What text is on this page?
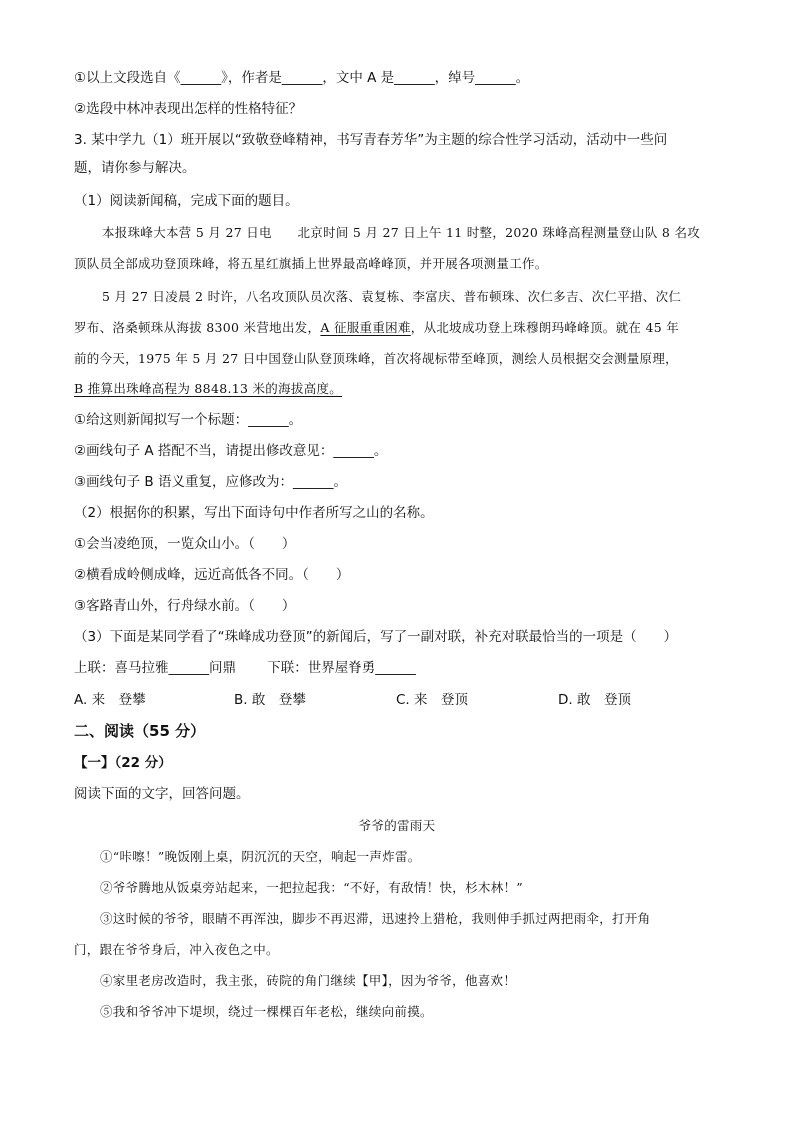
①以上文段选自《______》，作者是______，文中 A 是______，绰号______。
②选段中林冲表现出怎样的性格特征？
3. 某中学九（1）班开展以“致敬登峰精神，书写青春芳华”为主题的综合性学习活动，活动中一些问
题，请你参与解决。
（1）阅读新闻稿，完成下面的题目。
本报珠峰大本营 5 月 27 日电　　北京时间 5 月 27 日上午 11 时整，2020 珠峰高程测量登山队 8 名攻
顶队员全部成功登顶珠峰，将五星红旗插上世界最高峰峰顶，并开展各项测量工作。
5 月 27 日凌晨 2 时许，八名攻顶队员次落、袁复栋、李富庆、普布顿珠、次仁多吉、次仁平措、次仁
罗布、洛桑顿珠从海拔 8300 米营地出发，A 征服重重困难，从北坡成功登上珠穆朗玛峰峰顶。就在 45 年
前的今天，1975 年 5 月 27 日中国登山队登顶珠峰，首次将觇标带至峰顶，测绘人员根据交会测量原理，
B 推算出珠峰高程为 8848.13 米的海拔高度。
①给这则新闻拟写一个标题：______。
②画线句子 A 搭配不当，请提出修改意见：______。
③画线句子 B 语义重复，应修改为：______。
（2）根据你的积累，写出下面诗句中作者所写之山的名称。
①会当凌绝顶，一览众山小。（　　）
②横看成岭侧成峰，远近高低各不同。（　　）
③客路青山外，行舟绿水前。（　　）
（3）下面是某同学看了“珠峰成功登顶”的新闻后，写了一副对联，补充对联最恰当的一项是（　　）
上联：喜马拉雅______问鼎　　 下联：世界屋脊勇______
A. 来　登攀	B. 敢　登攀	C. 来　登顶	D. 敢　登顶
二、阅读（55 分）
【一】（22 分）
阅读下面的文字，回答问题。
爷爷的雷雨天
①“咔嚓！”晚饭刚上桌，阴沉沉的天空，响起一声炸雷。
②爷爷腾地从饭桌旁站起来，一把拉起我：“不好，有敌情！快，杉木林！”
③这时候的爷爷，眼睛不再浑浊，脚步不再迟滞，迅速拎上猎枪，我则伸手抓过两把雨伞，打开角
门，跟在爷爷身后，冲入夜色之中。
④家里老房改造时，我主张，砖院的角门继续【甲】，因为爷爷，他喜欢！
⑤我和爷爷冲下堤坝，绕过一棵棵百年老松，继续向前摸。
